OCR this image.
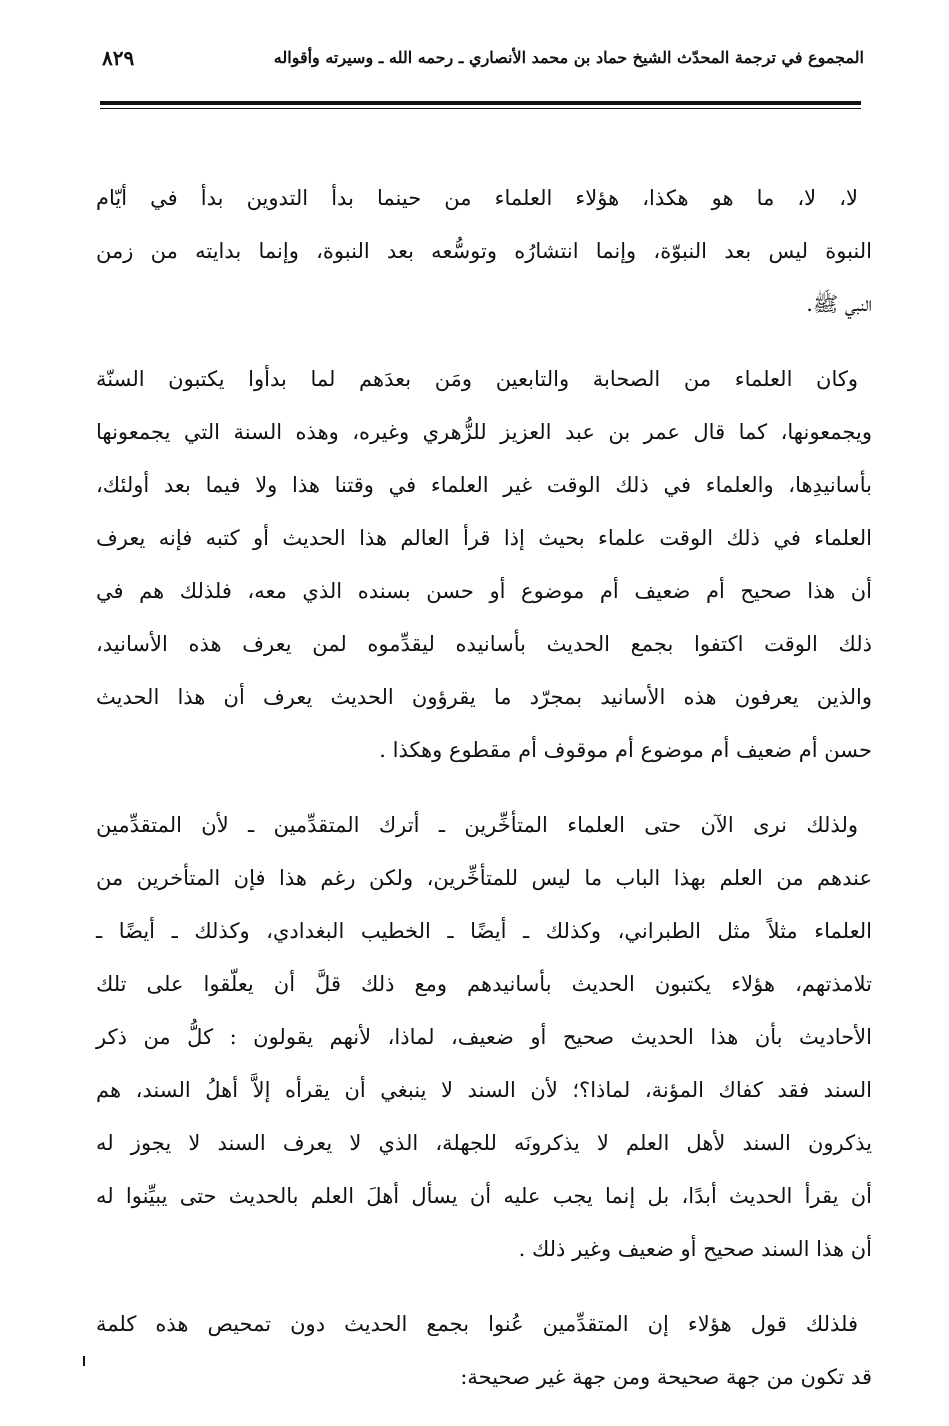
المجموع في ترجمة المحدّث الشيخ حماد بن محمد الأنصاري ـ رحمه الله ـ وسيرته وأقواله
٨٢٩

لا، لا، ما هو هكذا، هؤلاء العلماء من حينما بدأ التدوين بدأ في أيّام
النبوة ليس بعد النبوّة، وإنما انتشارُه وتوسُّعه بعد النبوة، وإنما بدايته من زمن
النبي ﷺ.

وكان العلماء من الصحابة والتابعين ومَن بعدَهم لما بدأوا يكتبون السنّة
ويجمعونها، كما قال عمر بن عبد العزيز للزُّهري وغيره، وهذه السنة التي يجمعونها
بأسانيدِها، والعلماء في ذلك الوقت غير العلماء في وقتنا هذا ولا فيما بعد أولئك،
العلماء في ذلك الوقت علماء بحيث إذا قرأ العالم هذا الحديث أو كتبه فإنه يعرف
أن هذا صحيح أم ضعيف أم موضوع أو حسن بسنده الذي معه، فلذلك هم في
ذلك الوقت اكتفوا بجمع الحديث بأسانيده ليقدِّموه لمن يعرف هذه الأسانيد،
والذين يعرفون هذه الأسانيد بمجرّد ما يقرؤون الحديث يعرف أن هذا الحديث
حسن أم ضعيف أم موضوع أم موقوف أم مقطوع وهكذا .

ولذلك نرى الآن حتى العلماء المتأخِّرين ـ أترك المتقدِّمين ـ لأن المتقدِّمين
عندهم من العلم بهذا الباب ما ليس للمتأخِّرين، ولكن رغم هذا فإن المتأخرين من
العلماء مثلاً مثل الطبراني، وكذلك ـ أيضًا ـ الخطيب البغدادي، وكذلك ـ أيضًا ـ
تلامذتهم، هؤلاء يكتبون الحديث بأسانيدهم ومع ذلك قلَّ أن يعلّقوا على تلك
الأحاديث بأن هذا الحديث صحيح أو ضعيف، لماذا، لأنهم يقولون : كلُّ من ذكر
السند فقد كفاك المؤنة، لماذا؟؛ لأن السند لا ينبغي أن يقرأه إلاَّ أهلُ السند، هم
يذكرون السند لأهل العلم لا يذكرونَه للجهلة، الذي لا يعرف السند لا يجوز له
أن يقرأ الحديث أبدًا، بل إنما يجب عليه أن يسأل أهلَ العلم بالحديث حتى يبيِّنوا له
أن هذا السند صحيح أو ضعيف وغير ذلك .

فلذلك قول هؤلاء إن المتقدِّمين عُنوا بجمع الحديث دون تمحيص هذه كلمة
قد تكون من جهة صحيحة ومن جهة غير صحيحة:
